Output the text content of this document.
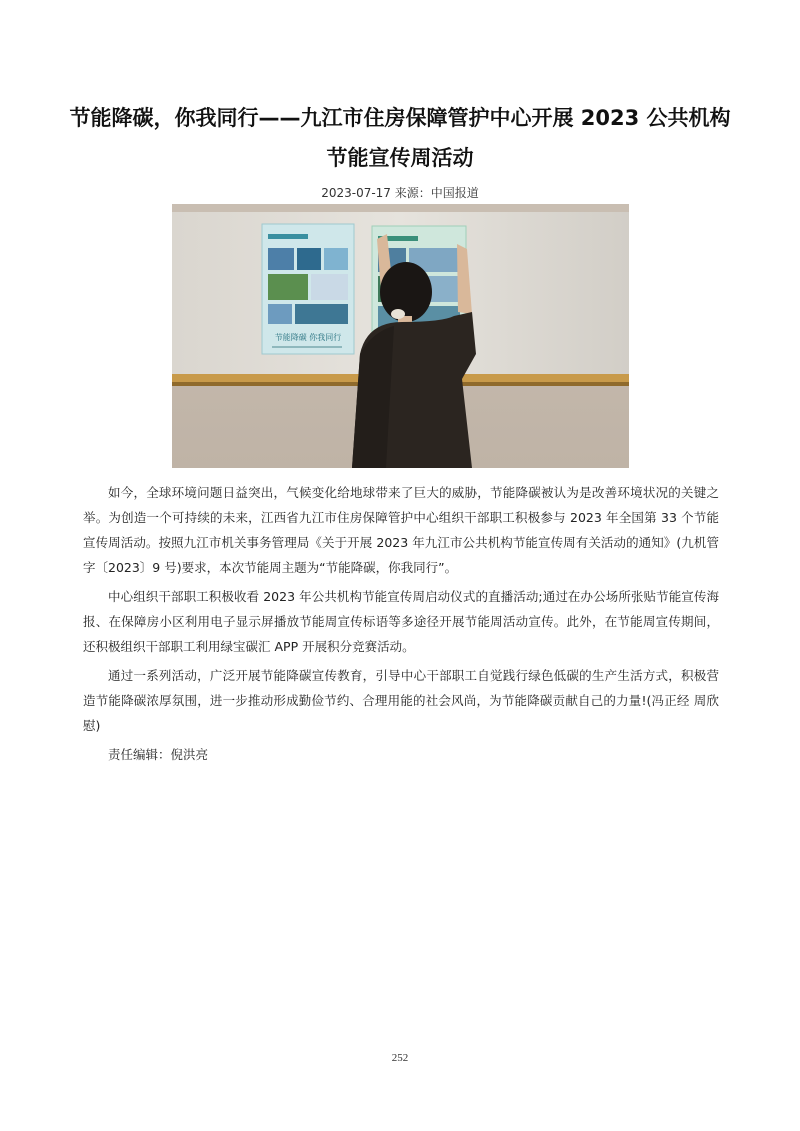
节能降碳，你我同行——九江市住房保障管护中心开展 2023 公共机构节能宣传周活动
2023-07-17 来源：中国报道
节能降碳 你我同行

如今，全球环境问题日益突出，气候变化给地球带来了巨大的威胁，节能降碳被认为是改善环境状况的关键之举。为创造一个可持续的未来，江西省九江市住房保障管护中心组织干部职工积极参与 2023 年全国第 33 个节能宣传周活动。按照九江市机关事务管理局《关于开展 2023 年九江市公共机构节能宣传周有关活动的通知》(九机管字〔2023〕9 号)要求，本次节能周主题为“节能降碳，你我同行”。

中心组织干部职工积极收看 2023 年公共机构节能宣传周启动仪式的直播活动;通过在办公场所张贴节能宣传海报、在保障房小区利用电子显示屏播放节能周宣传标语等多途径开展节能周活动宣传。此外，在节能周宣传期间，还积极组织干部职工利用绿宝碳汇 APP 开展积分竞赛活动。

通过一系列活动，广泛开展节能降碳宣传教育，引导中心干部职工自觉践行绿色低碳的生产生活方式，积极营造节能降碳浓厚氛围，进一步推动形成勤俭节约、合理用能的社会风尚，为节能降碳贡献自己的力量!(冯正经 周欣慰)

责任编辑：倪洪亮

252
